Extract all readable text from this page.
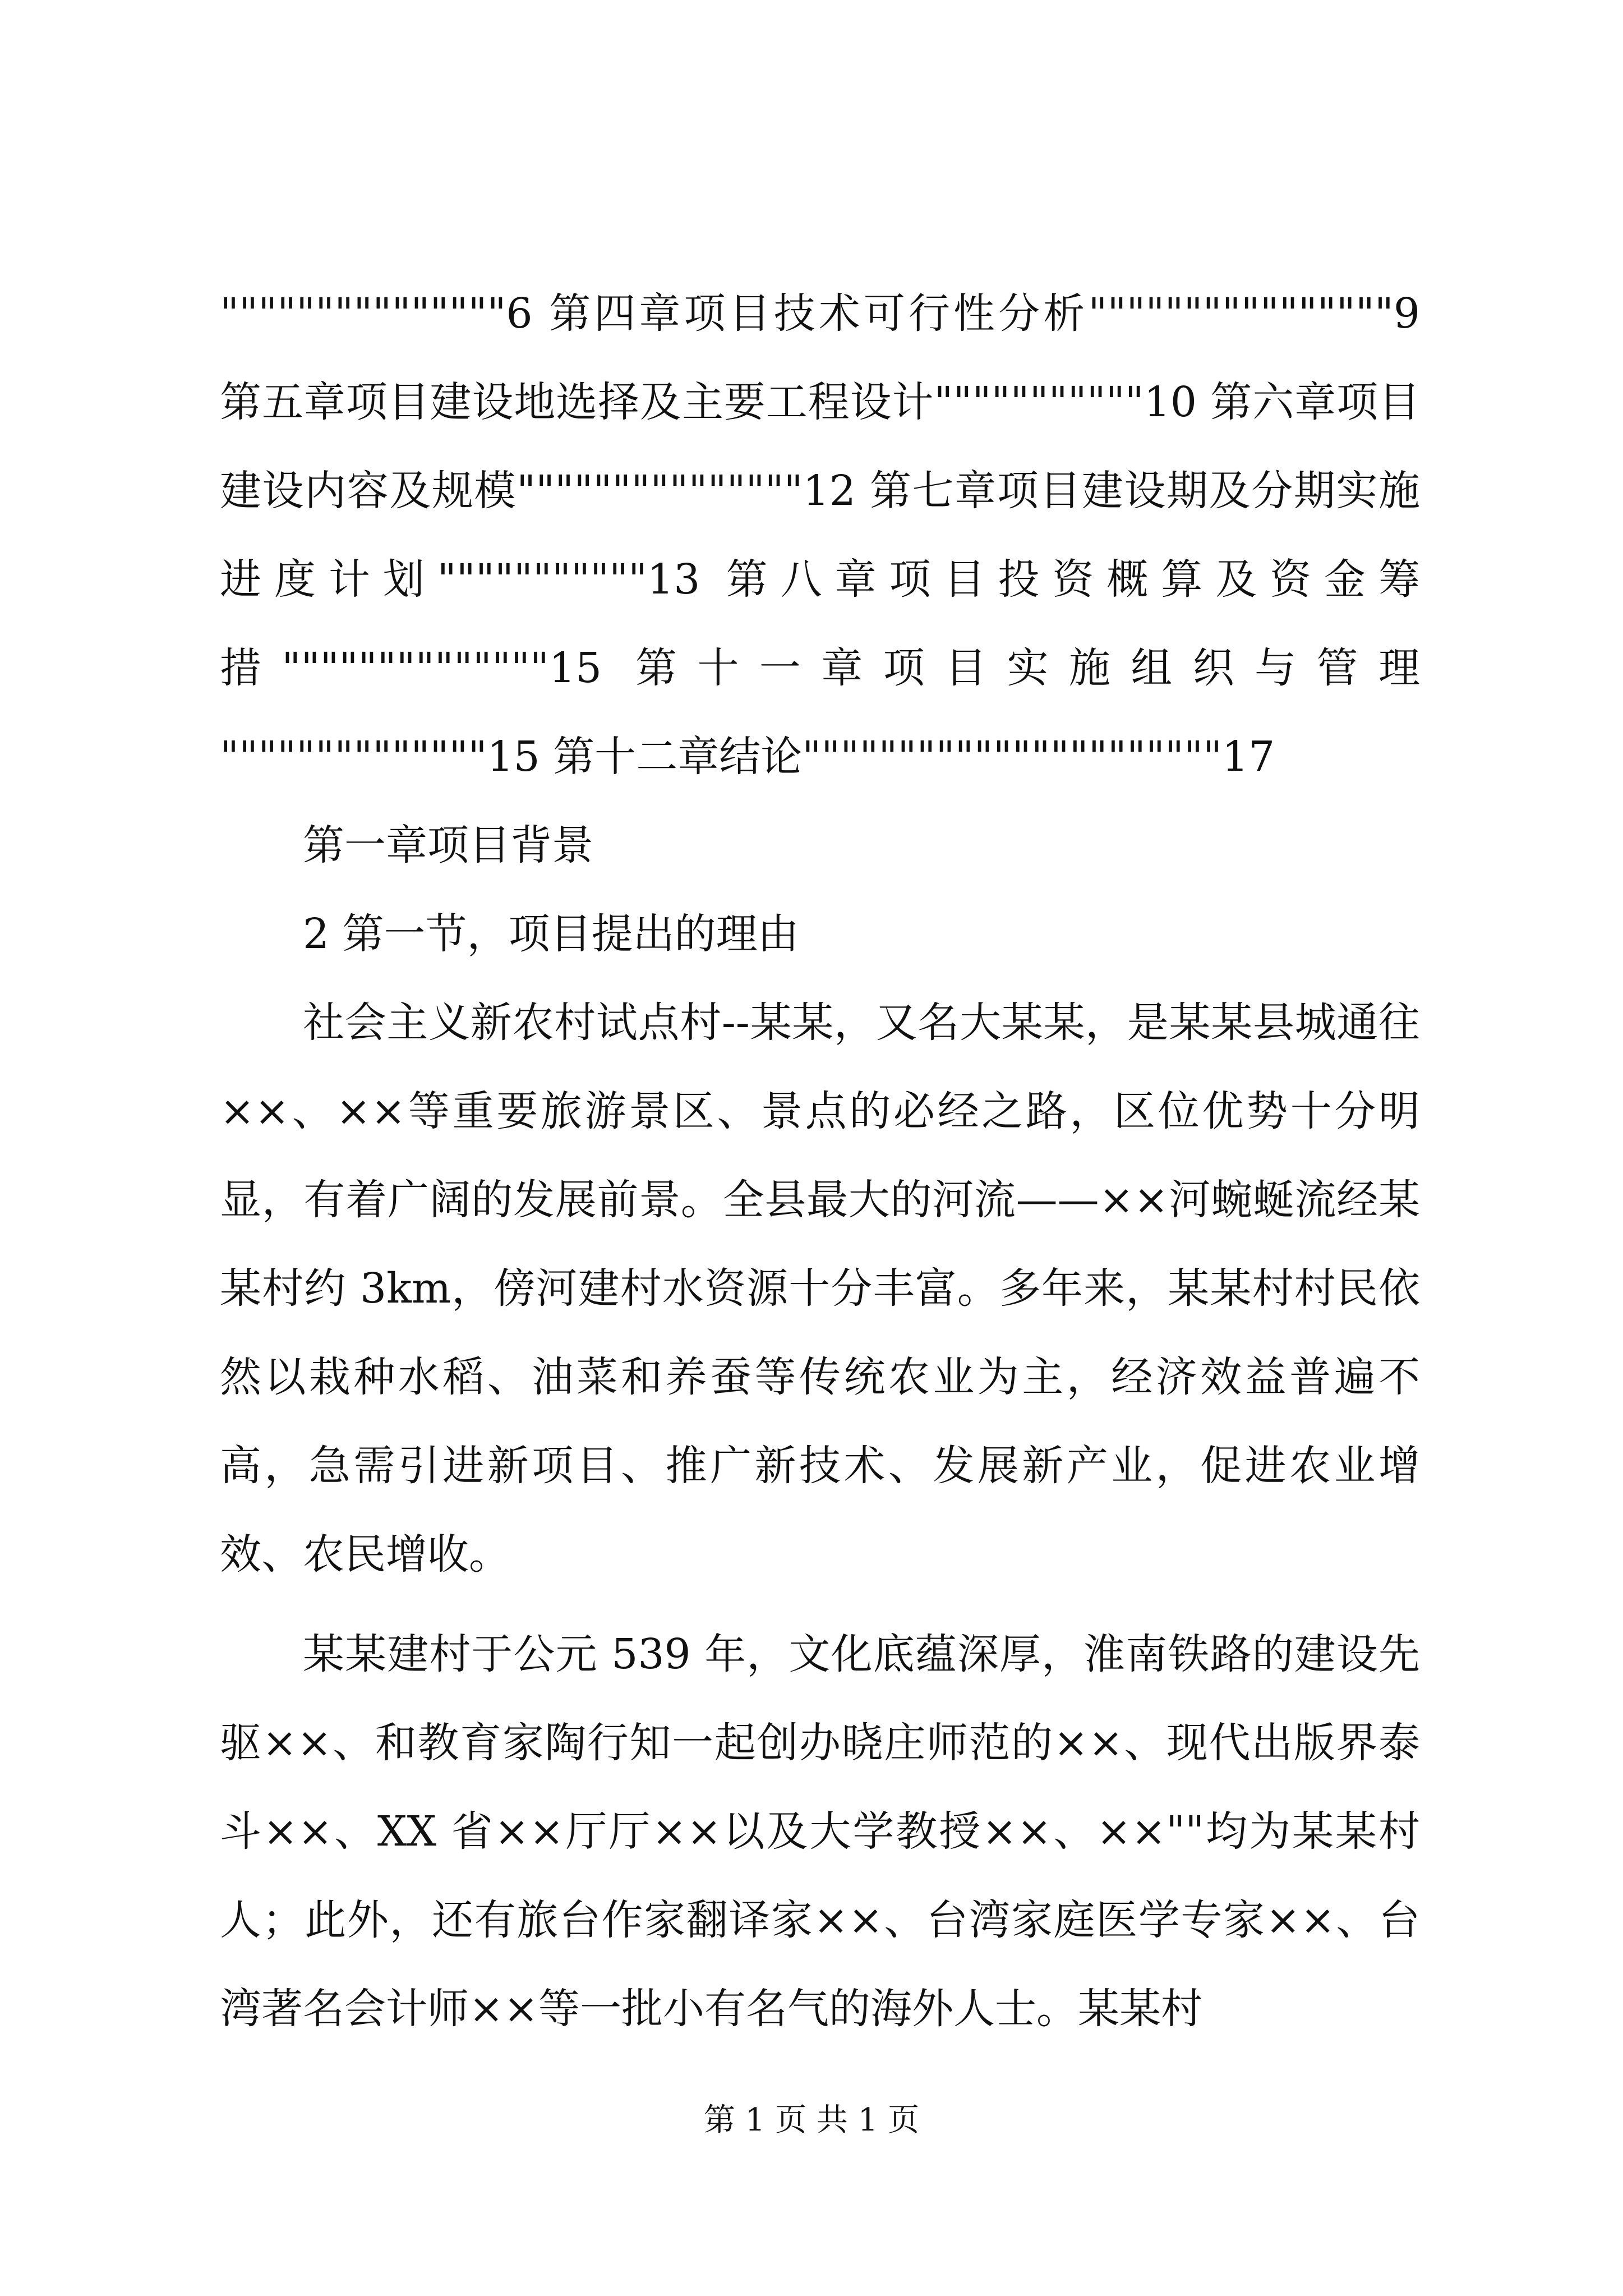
"""""""""""""""6 第四章项目技术可行性分析""""""""""""""""9 第五章项目建设地选择及主要工程设计"""""""""""10 第六章项目建设内容及规模"""""""""""""""12 第七章项目建设期及分期实施进度计划"""""""""""13 第八章项目投资概算及资金筹措""""""""""""""15 第十一章项目实施组织与管理 """"""""""""""15 第十二章结论""""""""""""""""""""""17

第一章项目背景

2 第一节，项目提出的理由

社会主义新农村试点村--某某，又名大某某，是某某县城通往××、××等重要旅游景区、景点的必经之路，区位优势十分明显，有着广阔的发展前景。全县最大的河流——××河蜿蜒流经某某村约 3km，傍河建村水资源十分丰富。多年来，某某村村民依然以栽种水稻、油菜和养蚕等传统农业为主，经济效益普遍不高，急需引进新项目、推广新技术、发展新产业，促进农业增效、农民增收。

某某建村于公元 539 年，文化底蕴深厚，淮南铁路的建设先驱××、和教育家陶行知一起创办晓庄师范的××、现代出版界泰斗××、XX 省××厅厅××以及大学教授××、××""均为某某村人；此外，还有旅台作家翻译家××、台湾家庭医学专家××、台湾著名会计师××等一批小有名气的海外人士。某某村

第 1 页 共 1 页
